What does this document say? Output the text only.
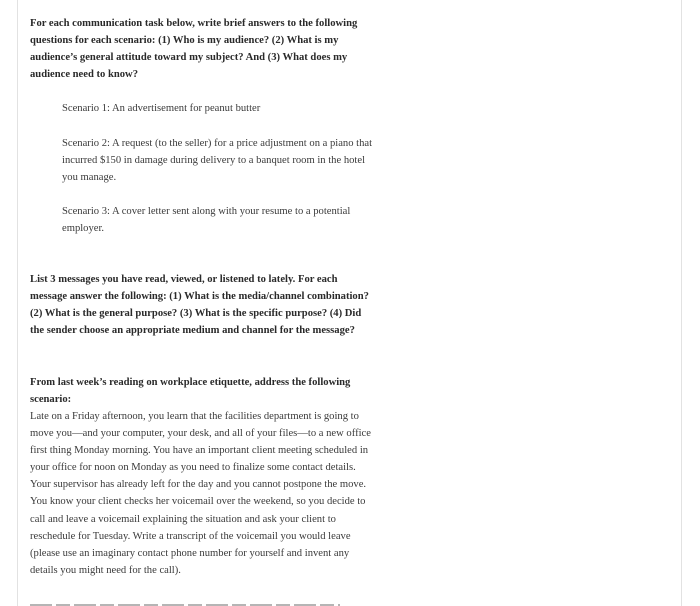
For each communication task below, write brief answers to the following questions for each scenario: (1) Who is my audience? (2) What is my audience’s general attitude toward my subject? And (3) What does my audience need to know?

Scenario 1: An advertisement for peanut butter

Scenario 2: A request (to the seller) for a price adjustment on a piano that incurred $150 in damage during delivery to a banquet room in the hotel you manage.

Scenario 3: A cover letter sent along with your resume to a potential employer.

List 3 messages you have read, viewed, or listened to lately. For each message answer the following: (1) What is the media/channel combination? (2) What is the general purpose? (3) What is the specific purpose? (4) Did the sender choose an appropriate medium and channel for the message?

From last week’s reading on workplace etiquette, address the following scenario:

Late on a Friday afternoon, you learn that the facilities department is going to move you—and your computer, your desk, and all of your files—to a new office first thing Monday morning. You have an important client meeting scheduled in your office for noon on Monday as you need to finalize some contact details. Your supervisor has already left for the day and you cannot postpone the move. You know your client checks her voicemail over the weekend, so you decide to call and leave a voicemail explaining the situation and ask your client to reschedule for Tuesday. Write a transcript of the voicemail you would leave (please use an imaginary contact phone number for yourself and invent any details you might need for the call).
